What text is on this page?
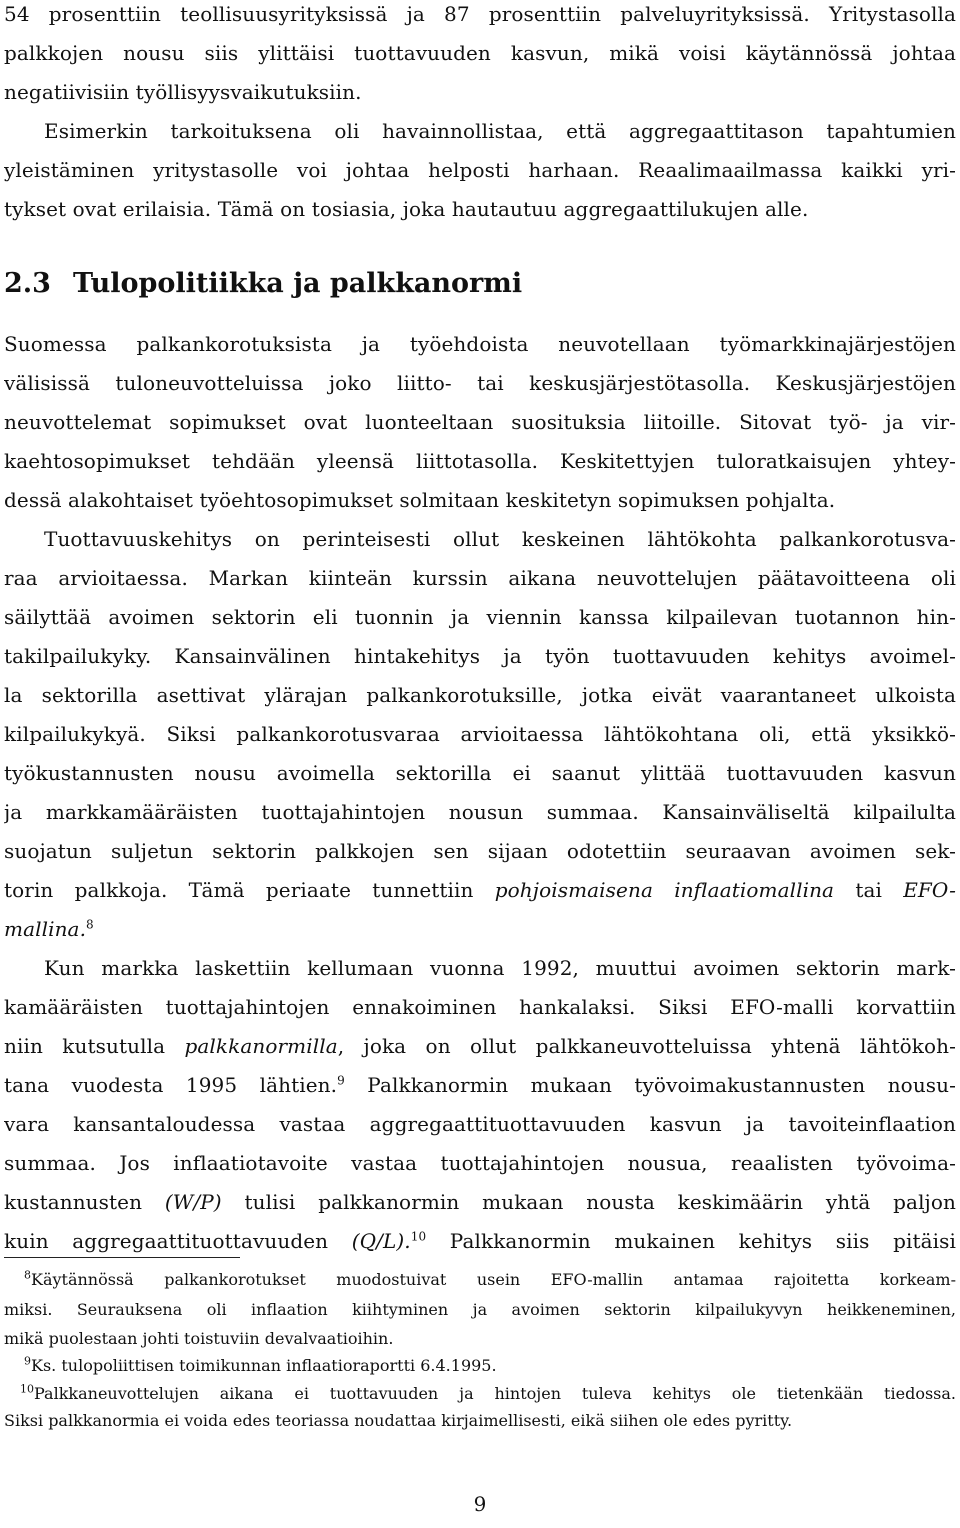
54 prosenttiin teollisuusyrityksissä ja 87 prosenttiin palveluyrityksissä. Yritystasolla

palkkojen nousu siis ylittäisi tuottavuuden kasvun, mikä voisi käytännössä johtaa

negatiivisiin työllisyysvaikutuksiin.

Esimerkin tarkoituksena oli havainnollistaa, että aggregaattitason tapahtumien

yleistäminen yritystasolle voi johtaa helposti harhaan. Reaalimaailmassa kaikki yri-

tykset ovat erilaisia. Tämä on tosiasia, joka hautautuu aggregaattilukujen alle.

2.3 Tulopolitiikka ja palkkanormi

Suomessa palkankorotuksista ja työehdoista neuvotellaan työmarkkinajärjestöjen

välisissä tuloneuvotteluissa joko liitto- tai keskusjärjestötasolla. Keskusjärjestöjen

neuvottelemat sopimukset ovat luonteeltaan suosituksia liitoille. Sitovat työ- ja vir-

kaehtosopimukset tehdään yleensä liittotasolla. Keskitettyjen tuloratkaisujen yhtey-

dessä alakohtaiset työehtosopimukset solmitaan keskitetyn sopimuksen pohjalta.

Tuottavuuskehitys on perinteisesti ollut keskeinen lähtökohta palkankorotusva-

raa arvioitaessa. Markan kiinteän kurssin aikana neuvottelujen päätavoitteena oli

säilyttää avoimen sektorin eli tuonnin ja viennin kanssa kilpailevan tuotannon hin-

takilpailukyky. Kansainvälinen hintakehitys ja työn tuottavuuden kehitys avoimel-

la sektorilla asettivat ylärajan palkankorotuksille, jotka eivät vaarantaneet ulkoista

kilpailukykyä. Siksi palkankorotusvaraa arvioitaessa lähtökohtana oli, että yksikkö-

työkustannusten nousu avoimella sektorilla ei saanut ylittää tuottavuuden kasvun

ja markkamääräisten tuottajahintojen nousun summaa. Kansainväliseltä kilpailulta

suojatun suljetun sektorin palkkojen sen sijaan odotettiin seuraavan avoimen sek-

torin palkkoja. Tämä periaate tunnettiin pohjoismaisena inflaatiomallina tai EFO-

mallina.$^8$

Kun markka laskettiin kellumaan vuonna 1992, muuttui avoimen sektorin mark-

kamääräisten tuottajahintojen ennakoiminen hankalaksi. Siksi EFO-malli korvattiin

niin kutsutulla palkkanormilla, joka on ollut palkkaneuvotteluissa yhtenä lähtökoh-

tana vuodesta 1995 lähtien.$^9$ Palkkanormin mukaan työvoimakustannusten nousu-

vara kansantaloudessa vastaa aggregaattituottavuuden kasvun ja tavoiteinflaation

summaa. Jos inflaatiotavoite vastaa tuottajahintojen nousua, reaalisten työvoima-

kustannusten (W/P) tulisi palkkanormin mukaan nousta keskimäärin yhtä paljon

kuin aggregaattituottavuuden (Q/L).$^{10}$ Palkkanormin mukainen kehitys siis pitäisi

$^8$Käytännössä palkankorotukset muodostuivat usein EFO-mallin antamaa rajoitetta korkeam-

miksi. Seurauksena oli inflaation kiihtyminen ja avoimen sektorin kilpailukyvyn heikkeneminen,

mikä puolestaan johti toistuviin devalvaatioihin.

$^9$Ks. tulopoliittisen toimikunnan inflaatioraportti 6.4.1995.

$^{10}$Palkkaneuvottelujen aikana ei tuottavuuden ja hintojen tuleva kehitys ole tietenkään tiedossa.

Siksi palkkanormia ei voida edes teoriassa noudattaa kirjaimellisesti, eikä siihen ole edes pyritty.

9
